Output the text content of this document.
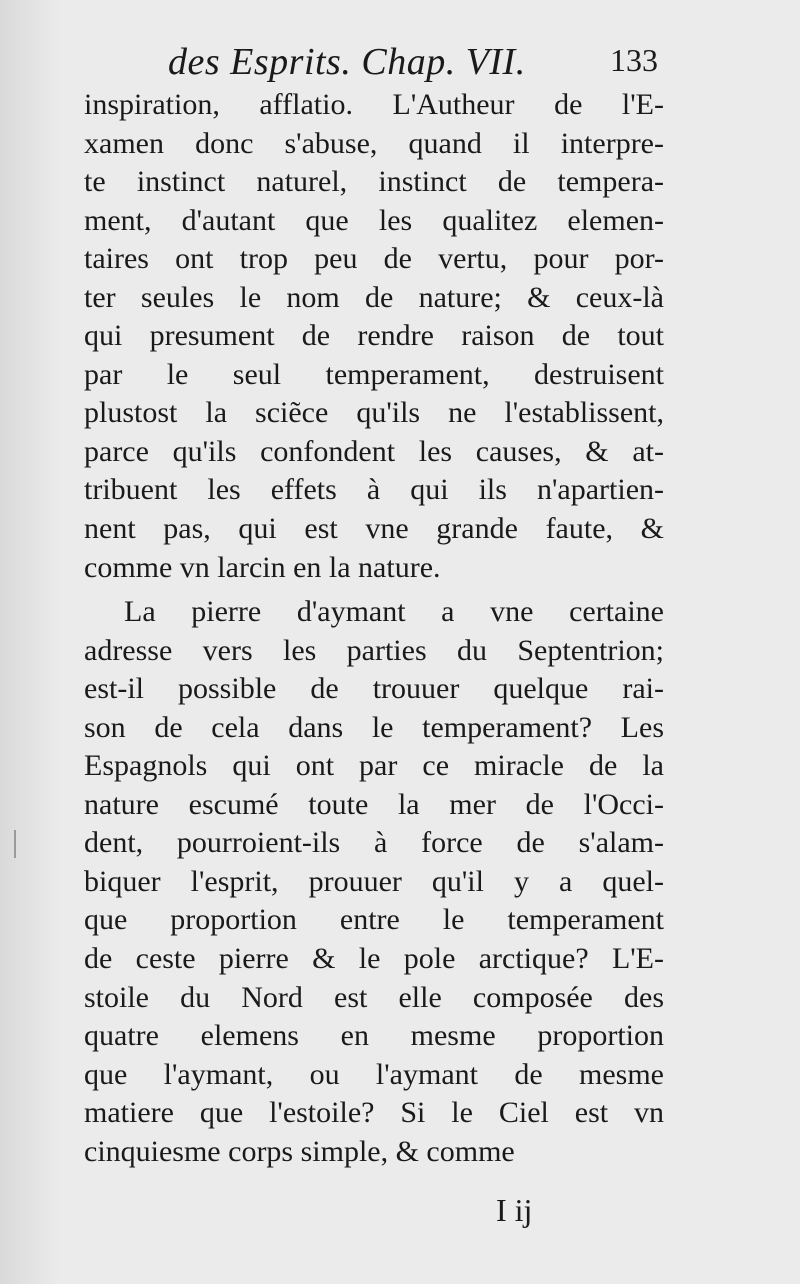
des Esprits. Chap. VII.	133
inspiration, afflatio. L'Autheur de l'E-
xamen donc s'abuse, quand il interpre-
te instinct naturel, instinct de tempera-
ment, d'autant que les qualitez elemen-
taires ont trop peu de vertu, pour por-
ter seules le nom de nature; & ceux-là
qui presument de rendre raison de tout
par le seul temperament, destruisent
plustost la sciẽce qu'ils ne l'establissent,
parce qu'ils confondent les causes, & at-
tribuent les effets à qui ils n'apartien-
nent pas, qui est vne grande faute, &
comme vn larcin en la nature.
La pierre d'aymant a vne certaine
adresse vers les parties du Septentrion;
est-il possible de trouuer quelque rai-
son de cela dans le temperament? Les
Espagnols qui ont par ce miracle de la
nature escumé toute la mer de l'Occi-
dent, pourroient-ils à force de s'alam-
biquer l'esprit, prouuer qu'il y a quel-
que proportion entre le temperament
de ceste pierre & le pole arctique? L'E-
stoile du Nord est elle composée des
quatre elemens en mesme proportion
que l'aymant, ou l'aymant de mesme
matiere que l'estoile? Si le Ciel est vn
cinquiesme corps simple, & comme
I ij
